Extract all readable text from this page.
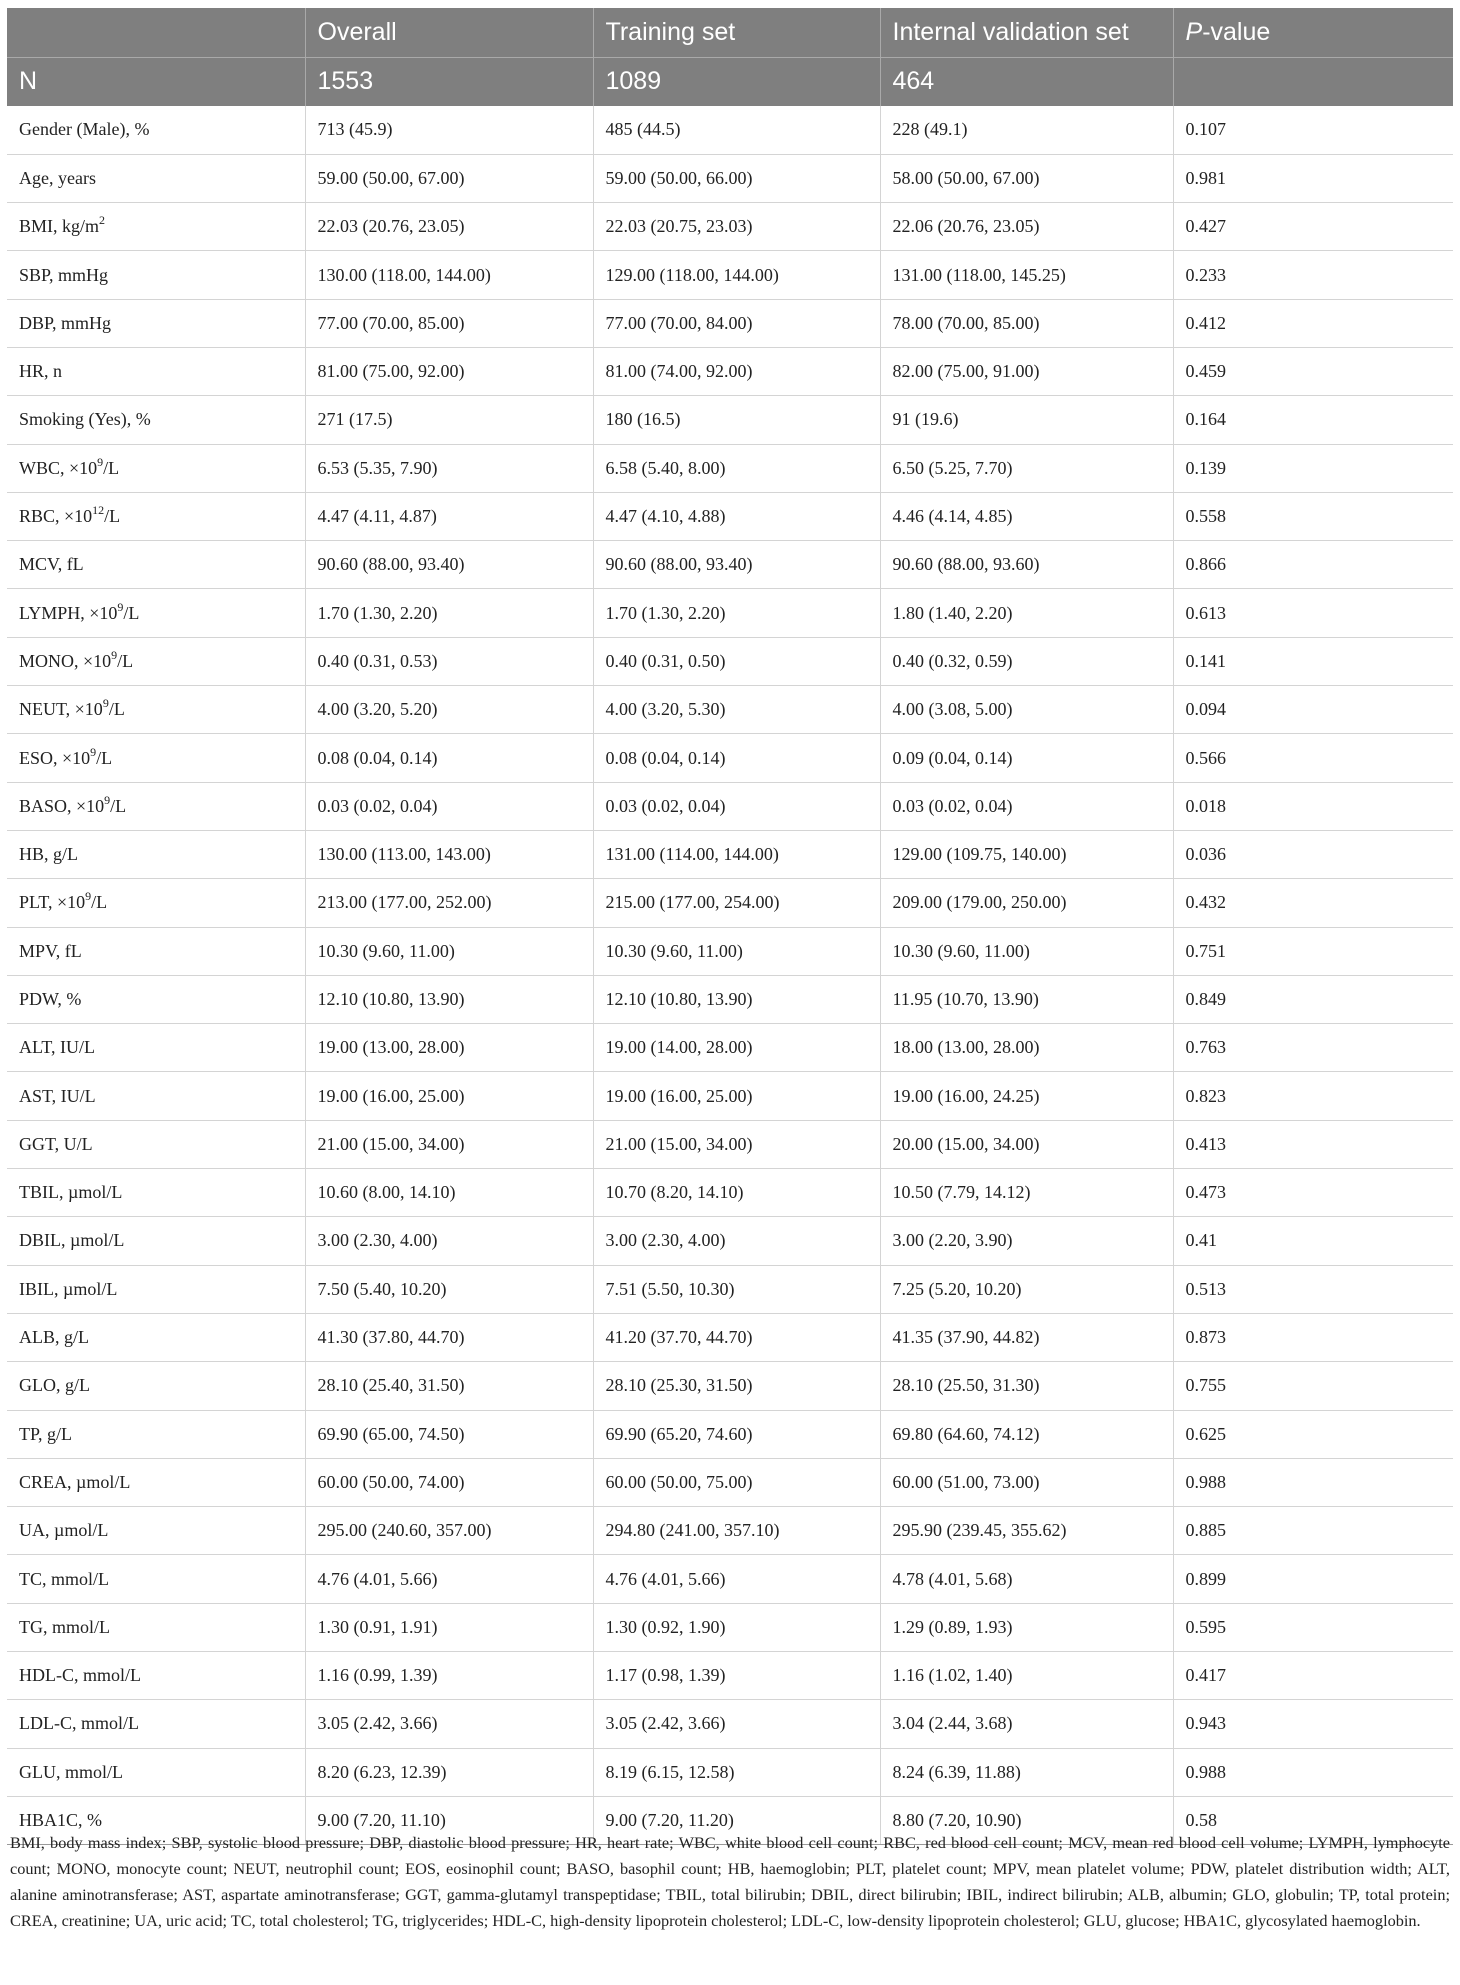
	Overall	Training set	Internal validation set	P-value
N	1553	1089	464	
Gender (Male), %	713 (45.9)	485 (44.5)	228 (49.1)	0.107
Age, years	59.00 (50.00, 67.00)	59.00 (50.00, 66.00)	58.00 (50.00, 67.00)	0.981
BMI, $kg/m^2$	22.03 (20.76, 23.05)	22.03 (20.75, 23.03)	22.06 (20.76, 23.05)	0.427
SBP, mmHg	130.00 (118.00, 144.00)	129.00 (118.00, 144.00)	131.00 (118.00, 145.25)	0.233
DBP, mmHg	77.00 (70.00, 85.00)	77.00 (70.00, 84.00)	78.00 (70.00, 85.00)	0.412
HR, n	81.00 (75.00, 92.00)	81.00 (74.00, 92.00)	82.00 (75.00, 91.00)	0.459
Smoking (Yes), %	271 (17.5)	180 (16.5)	91 (19.6)	0.164
WBC, $\times 10^9/L$	6.53 (5.35, 7.90)	6.58 (5.40, 8.00)	6.50 (5.25, 7.70)	0.139
RBC, $\times 10^{12}/L$	4.47 (4.11, 4.87)	4.47 (4.10, 4.88)	4.46 (4.14, 4.85)	0.558
MCV, fL	90.60 (88.00, 93.40)	90.60 (88.00, 93.40)	90.60 (88.00, 93.60)	0.866
LYMPH, $\times 10^9/L$	1.70 (1.30, 2.20)	1.70 (1.30, 2.20)	1.80 (1.40, 2.20)	0.613
MONO, $\times 10^9/L$	0.40 (0.31, 0.53)	0.40 (0.31, 0.50)	0.40 (0.32, 0.59)	0.141
NEUT, $\times 10^9/L$	4.00 (3.20, 5.20)	4.00 (3.20, 5.30)	4.00 (3.08, 5.00)	0.094
ESO, $\times 10^9/L$	0.08 (0.04, 0.14)	0.08 (0.04, 0.14)	0.09 (0.04, 0.14)	0.566
BASO, $\times 10^9/L$	0.03 (0.02, 0.04)	0.03 (0.02, 0.04)	0.03 (0.02, 0.04)	0.018
HB, g/L	130.00 (113.00, 143.00)	131.00 (114.00, 144.00)	129.00 (109.75, 140.00)	0.036
PLT, $\times 10^9/L$	213.00 (177.00, 252.00)	215.00 (177.00, 254.00)	209.00 (179.00, 250.00)	0.432
MPV, fL	10.30 (9.60, 11.00)	10.30 (9.60, 11.00)	10.30 (9.60, 11.00)	0.751
PDW, %	12.10 (10.80, 13.90)	12.10 (10.80, 13.90)	11.95 (10.70, 13.90)	0.849
ALT, IU/L	19.00 (13.00, 28.00)	19.00 (14.00, 28.00)	18.00 (13.00, 28.00)	0.763
AST, IU/L	19.00 (16.00, 25.00)	19.00 (16.00, 25.00)	19.00 (16.00, 24.25)	0.823
GGT, U/L	21.00 (15.00, 34.00)	21.00 (15.00, 34.00)	20.00 (15.00, 34.00)	0.413
TBIL, µmol/L	10.60 (8.00, 14.10)	10.70 (8.20, 14.10)	10.50 (7.79, 14.12)	0.473
DBIL, µmol/L	3.00 (2.30, 4.00)	3.00 (2.30, 4.00)	3.00 (2.20, 3.90)	0.41
IBIL, µmol/L	7.50 (5.40, 10.20)	7.51 (5.50, 10.30)	7.25 (5.20, 10.20)	0.513
ALB, g/L	41.30 (37.80, 44.70)	41.20 (37.70, 44.70)	41.35 (37.90, 44.82)	0.873
GLO, g/L	28.10 (25.40, 31.50)	28.10 (25.30, 31.50)	28.10 (25.50, 31.30)	0.755
TP, g/L	69.90 (65.00, 74.50)	69.90 (65.20, 74.60)	69.80 (64.60, 74.12)	0.625
CREA, µmol/L	60.00 (50.00, 74.00)	60.00 (50.00, 75.00)	60.00 (51.00, 73.00)	0.988
UA, µmol/L	295.00 (240.60, 357.00)	294.80 (241.00, 357.10)	295.90 (239.45, 355.62)	0.885
TC, mmol/L	4.76 (4.01, 5.66)	4.76 (4.01, 5.66)	4.78 (4.01, 5.68)	0.899
TG, mmol/L	1.30 (0.91, 1.91)	1.30 (0.92, 1.90)	1.29 (0.89, 1.93)	0.595
HDL-C, mmol/L	1.16 (0.99, 1.39)	1.17 (0.98, 1.39)	1.16 (1.02, 1.40)	0.417
LDL-C, mmol/L	3.05 (2.42, 3.66)	3.05 (2.42, 3.66)	3.04 (2.44, 3.68)	0.943
GLU, mmol/L	8.20 (6.23, 12.39)	8.19 (6.15, 12.58)	8.24 (6.39, 11.88)	0.988
HBA1C, %	9.00 (7.20, 11.10)	9.00 (7.20, 11.20)	8.80 (7.20, 10.90)	0.58

BMI, body mass index; SBP, systolic blood pressure; DBP, diastolic blood pressure; HR, heart rate; WBC, white blood cell count; RBC, red blood cell count; MCV, mean red blood cell volume; LYMPH, lymphocyte count; MONO, monocyte count; NEUT, neutrophil count; EOS, eosinophil count; BASO, basophil count; HB, haemoglobin; PLT, platelet count; MPV, mean platelet volume; PDW, platelet distribution width; ALT, alanine aminotransferase; AST, aspartate aminotransferase; GGT, gamma-glutamyl transpeptidase; TBIL, total bilirubin; DBIL, direct bilirubin; IBIL, indirect bilirubin; ALB, albumin; GLO, globulin; TP, total protein; CREA, creatinine; UA, uric acid; TC, total cholesterol; TG, triglycerides; HDL-C, high-density lipoprotein cholesterol; LDL-C, low-density lipoprotein cholesterol; GLU, glucose; HBA1C, glycosylated haemoglobin.
